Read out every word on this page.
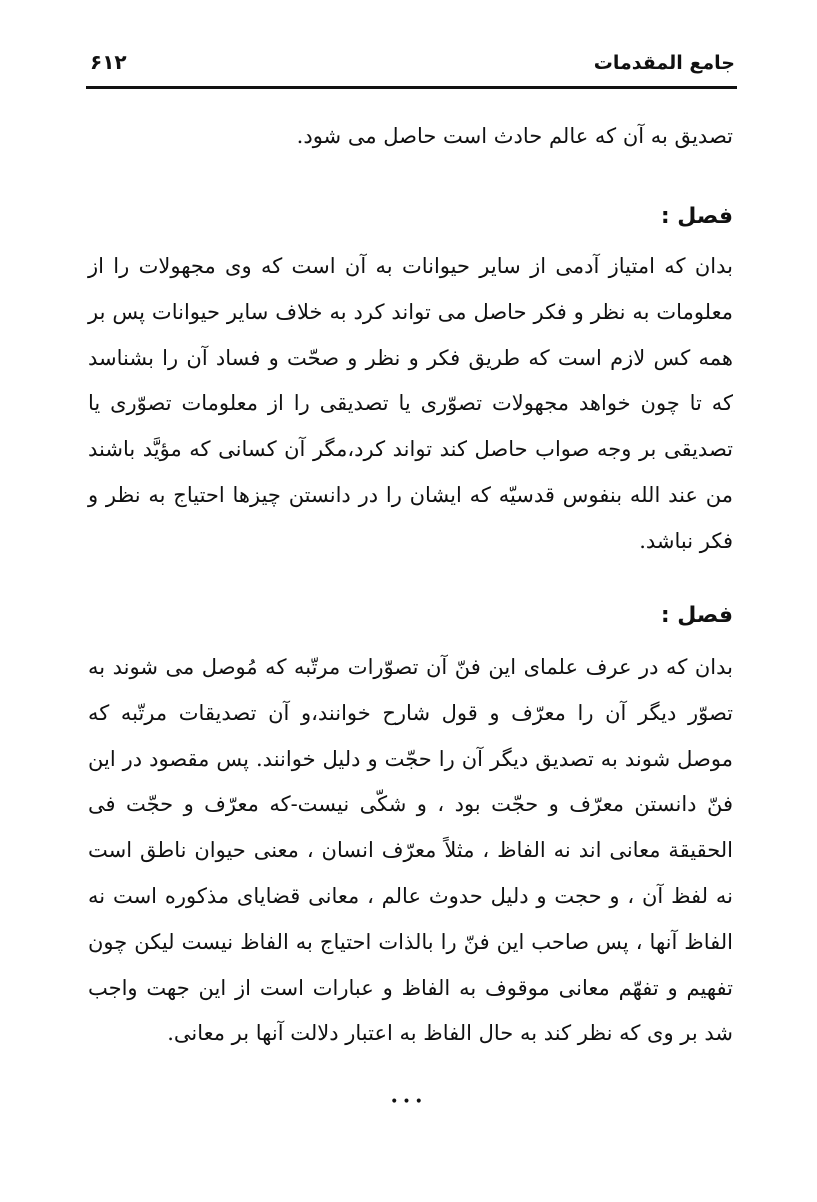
جامع المقدمات
۶۱۲

تصدیق به آن که عالم حادث است حاصل می شود.

فصل :

بدان که امتیاز آدمی از سایر حیوانات به آن است که وی مجهولات را از معلومات به نظر و فکر حاصل می تواند کرد به خلاف سایر حیوانات پس بر همه کس لازم است که طریق فکر و نظر و صحّت و فساد آن را بشناسد که تا چون خواهد مجهولات تصوّری یا تصدیقی را از معلومات تصوّری یا تصدیقی بر وجه صواب حاصل کند تواند کرد،مگر آن کسانی که مؤیَّد باشند من عند الله بنفوس قدسیّه که ایشان را در دانستن چیزها احتیاج به نظر و فکر نباشد.

فصل :

بدان که در عرف علمای این فنّ آن تصوّرات مرتّبه که مُوصل می شوند به تصوّر دیگر آن را معرّف و قول شارح خوانند،و آن تصدیقات مرتّبه که موصل شوند به تصدیق دیگر آن را حجّت و دلیل خوانند. پس مقصود در این فنّ دانستن معرّف و حجّت بود ، و شکّی نیست-که معرّف و حجّت فی الحقیقة معانی اند نه الفاظ ، مثلاً معرّف انسان ، معنی حیوان ناطق است نه لفظ آن ، و حجت و دلیل حدوث عالم ، معانی قضایای مذکوره است نه الفاظ آنها ، پس صاحب این فنّ را بالذات احتیاج به الفاظ نیست لیکن چون تفهیم و تفهّم معانی موقوف به الفاظ و عبارات است از این جهت واجب شد بر وی که نظر کند به حال الفاظ به اعتبار دلالت آنها بر معانی.

•••
